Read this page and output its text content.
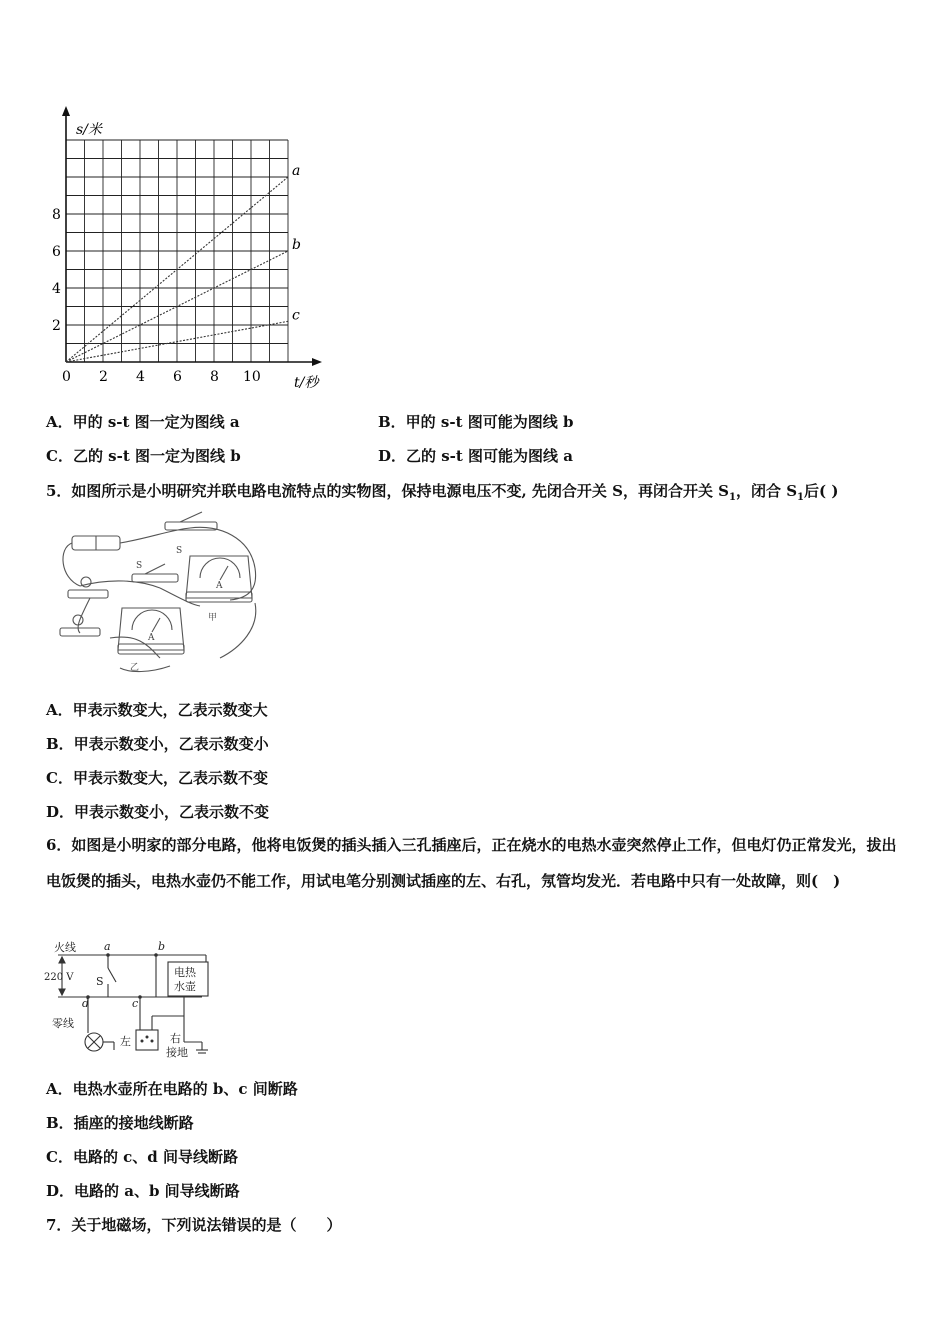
a
b
c
8
6
4
2
0 2 4 6 8 10
s/米
t/秒
A．甲的 s-t 图一定为图线 a	B．甲的 s-t 图可能为图线 b
C．乙的 s-t 图一定为图线 b	D．乙的 s-t 图可能为图线 a
5．如图所示是小明研究并联电路电流特点的实物图，保持电源电压不变, 先闭合开关 S，再闭合开关 $S_1$，闭合 $S_1$后( )
S
S
A
A
甲
乙
A．甲表示数变大，乙表示数变大
B．甲表示数变小，乙表示数变小
C．甲表示数变大，乙表示数不变
D．甲表示数变小，乙表示数不变
6．如图是小明家的部分电路，他将电饭煲的插头插入三孔插座后，正在烧水的电热水壶突然停止工作，但电灯仍正常发光，拔出电饭煲的插头，电热水壶仍不能工作，用试电笔分别测试插座的左、右孔，氖管均发光．若电路中只有一处故障，则(　)
火线
零线
220 V
a	b
c
d
S
电热
水壶
左	右
接地
A．电热水壶所在电路的 b、c 间断路
B．插座的接地线断路
C．电路的 c、d 间导线断路
D．电路的 a、b 间导线断路
7．关于地磁场，下列说法错误的是（　　）
